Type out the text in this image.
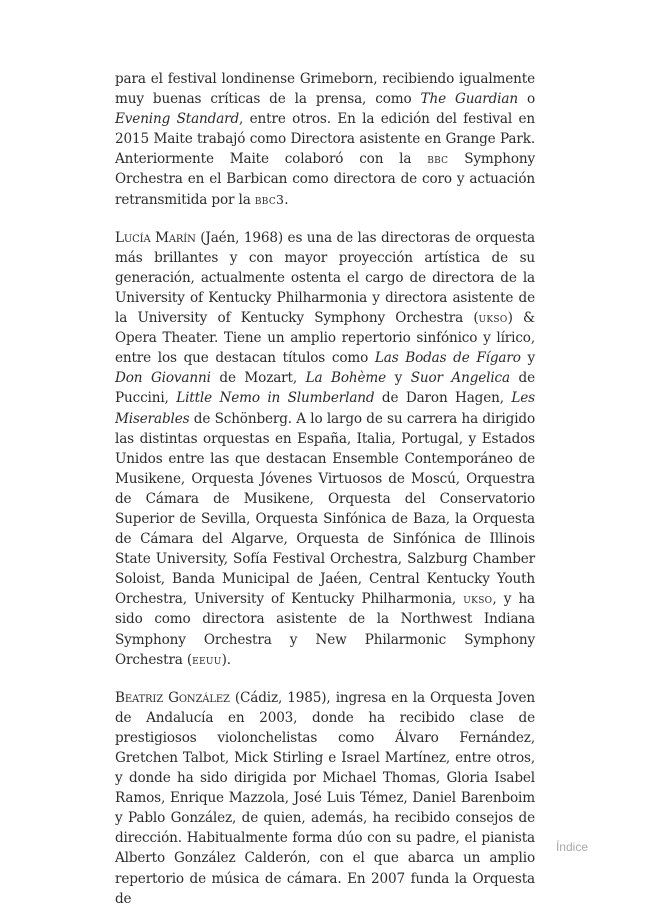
para el festival londinense Grimeborn, recibiendo igualmente muy buenas críticas de la prensa, como The Guardian o Evening Standard, entre otros. En la edición del festival en 2015 Maite trabajó como Directora asistente en Grange Park. Anteriormente Maite colaboró con la bbc Symphony Orchestra en el Barbican como directora de coro y actuación retransmitida por la bbc3.

Lucía Marín (Jaén, 1968) es una de las directoras de orquesta más brillantes y con mayor proyección artística de su generación, actualmente ostenta el cargo de directora de la University of Kentucky Philharmonia y directora asistente de la University of Kentucky Symphony Orchestra (ukso) & Opera Theater. Tiene un amplio repertorio sinfónico y lírico, entre los que destacan títulos como Las Bodas de Fígaro y Don Giovanni de Mozart, La Bohème y Suor Angelica de Puccini, Little Nemo in Slumberland de Daron Hagen, Les Miserables de Schönberg. A lo largo de su carrera ha dirigido las distintas orquestas en España, Italia, Portugal, y Estados Unidos entre las que destacan Ensemble Contemporáneo de Musikene, Orquesta Jóvenes Virtuosos de Moscú, Orquestra de Cámara de Musikene, Orquesta del Conservatorio Superior de Sevilla, Orquesta Sinfónica de Baza, la Orquesta de Cámara del Algarve, Orquesta de Sinfónica de Illinois State University, Sofía Festival Orchestra, Salzburg Chamber Soloist, Banda Municipal de Jaéen, Central Kentucky Youth Orchestra, University of Kentucky Philharmonia, ukso, y ha sido como directora asistente de la Northwest Indiana Symphony Orchestra y New Philarmonic Symphony Orchestra (eeuu).

Beatriz González (Cádiz, 1985), ingresa en la Orquesta Joven de Andalucía en 2003, donde ha recibido clase de prestigiosos violonchelistas como Álvaro Fernández, Gretchen Talbot, Mick Stirling e Israel Martínez, entre otros, y donde ha sido dirigida por Michael Thomas, Gloria Isabel Ramos, Enrique Mazzola, José Luis Témez, Daniel Barenboim y Pablo González, de quien, además, ha recibido consejos de dirección. Habitualmente forma dúo con su padre, el pianista Alberto González Calderón, con el que abarca un amplio repertorio de música de cámara. En 2007 funda la Orquesta de

Índice
